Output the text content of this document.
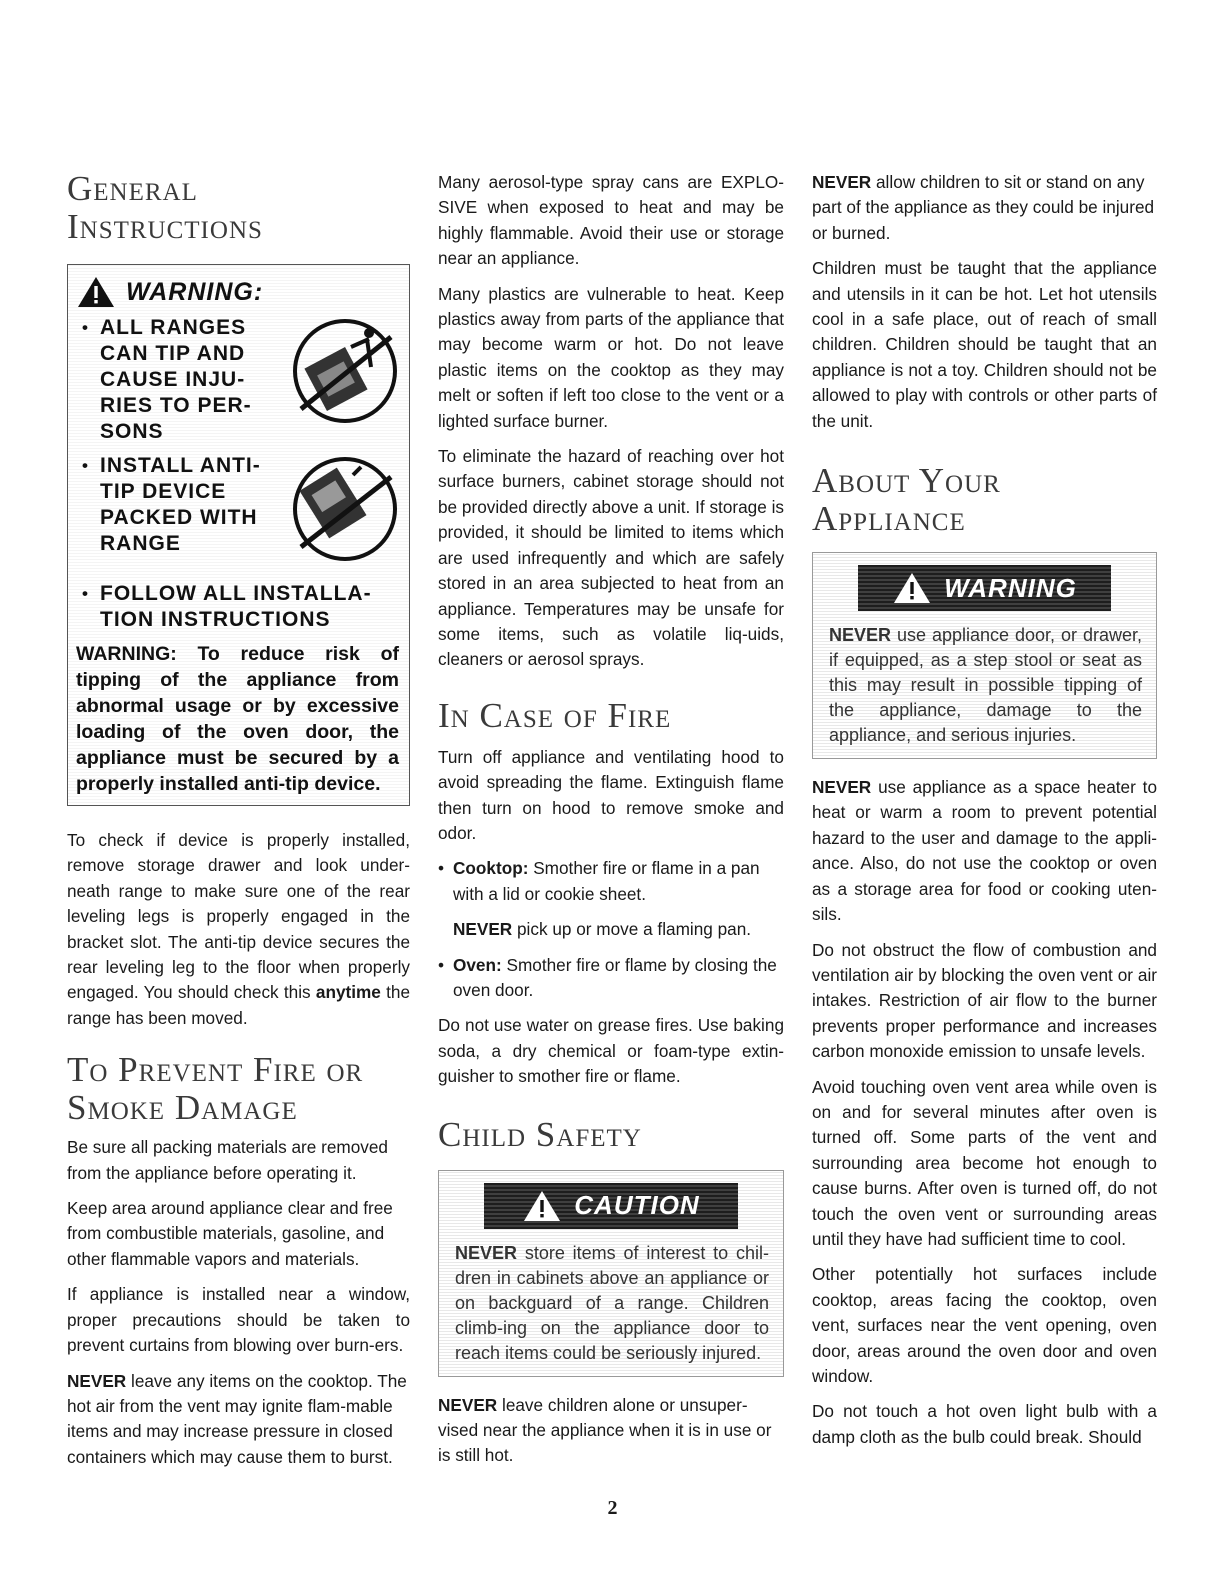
General
Instructions
WARNING:
• ALL RANGES CAN TIP AND CAUSE INJU-RIES TO PER-SONS
• INSTALL ANTI-TIP DEVICE PACKED WITH RANGE
• FOLLOW ALL INSTALLA-TION INSTRUCTIONS
WARNING: To reduce risk of tipping of the appliance from abnormal usage or by excessive loading of the oven door, the appliance must be secured by a properly installed anti-tip device.

To check if device is properly installed, remove storage drawer and look under-neath range to make sure one of the rear leveling legs is properly engaged in the bracket slot. The anti-tip device secures the rear leveling leg to the floor when properly engaged. You should check this anytime the range has been moved.

To Prevent Fire or
Smoke Damage

Be sure all packing materials are removed from the appliance before operating it.

Keep area around appliance clear and free from combustible materials, gasoline, and other flammable vapors and materials.

If appliance is installed near a window, proper precautions should be taken to prevent curtains from blowing over burn-ers.

NEVER leave any items on the cooktop. The hot air from the vent may ignite flam-mable items and may increase pressure in closed containers which may cause them to burst.

Many aerosol-type spray cans are EXPLO-SIVE when exposed to heat and may be highly flammable. Avoid their use or storage near an appliance.

Many plastics are vulnerable to heat. Keep plastics away from parts of the appliance that may become warm or hot. Do not leave plastic items on the cooktop as they may melt or soften if left too close to the vent or a lighted surface burner.

To eliminate the hazard of reaching over hot surface burners, cabinet storage should not be provided directly above a unit. If storage is provided, it should be limited to items which are used infrequently and which are safely stored in an area subjected to heat from an appliance. Temperatures may be unsafe for some items, such as volatile liq-uids, cleaners or aerosol sprays.

In Case of Fire

Turn off appliance and ventilating hood to avoid spreading the flame. Extinguish flame then turn on hood to remove smoke and odor.

• Cooktop: Smother fire or flame in a pan with a lid or cookie sheet.

NEVER pick up or move a flaming pan.

• Oven: Smother fire or flame by closing the oven door.

Do not use water on grease fires. Use baking soda, a dry chemical or foam-type extin-guisher to smother fire or flame.

Child Safety
CAUTION
NEVER store items of interest to chil-dren in cabinets above an appliance or on backguard of a range. Children climb-ing on the appliance door to reach items could be seriously injured.

NEVER leave children alone or unsuper-vised near the appliance when it is in use or is still hot.

NEVER allow children to sit or stand on any part of the appliance as they could be injured or burned.

Children must be taught that the appliance and utensils in it can be hot. Let hot utensils cool in a safe place, out of reach of small children. Children should be taught that an appliance is not a toy. Children should not be allowed to play with controls or other parts of the unit.

About Your
Appliance
WARNING
NEVER use appliance door, or drawer, if equipped, as a step stool or seat as this may result in possible tipping of the appliance, damage to the appliance, and serious injuries.

NEVER use appliance as a space heater to heat or warm a room to prevent potential hazard to the user and damage to the appli-ance. Also, do not use the cooktop or oven as a storage area for food or cooking uten-sils.

Do not obstruct the flow of combustion and ventilation air by blocking the oven vent or air intakes. Restriction of air flow to the burner prevents proper performance and increases carbon monoxide emission to unsafe levels.

Avoid touching oven vent area while oven is on and for several minutes after oven is turned off. Some parts of the vent and surrounding area become hot enough to cause burns. After oven is turned off, do not touch the oven vent or surrounding areas until they have had sufficient time to cool.

Other potentially hot surfaces include cooktop, areas facing the cooktop, oven vent, surfaces near the vent opening, oven door, areas around the oven door and oven window.

Do not touch a hot oven light bulb with a damp cloth as the bulb could break. Should

2
